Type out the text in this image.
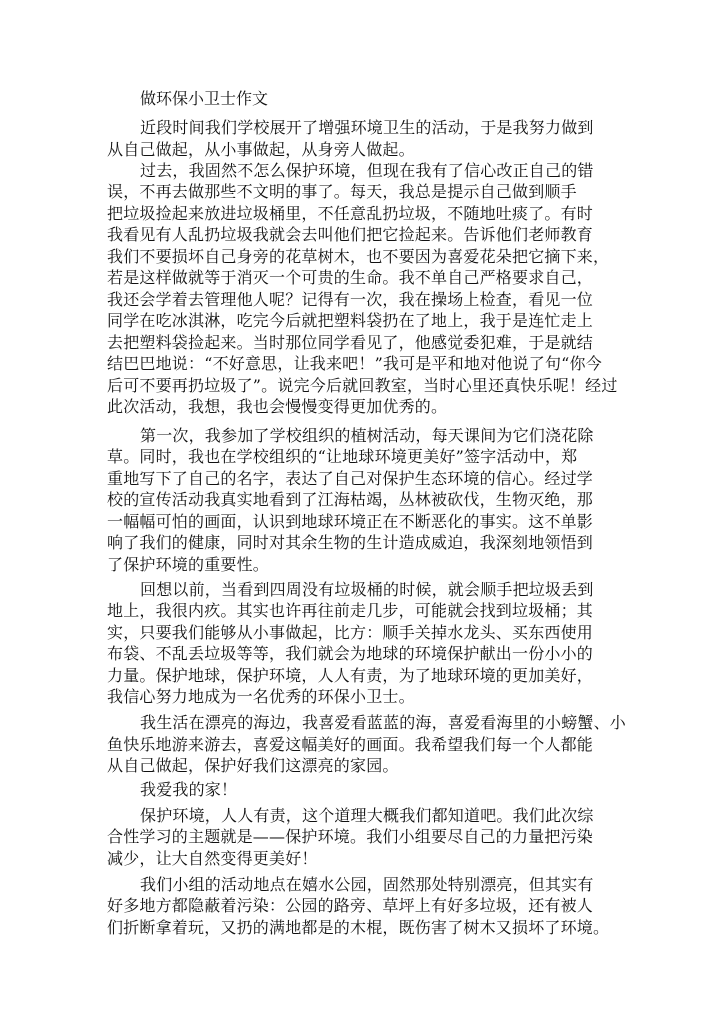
做环保小卫士作文
近段时间我们学校展开了增强环境卫生的活动，于是我努力做到
从自己做起，从小事做起，从身旁人做起。
过去，我固然不怎么保护环境，但现在我有了信心改正自己的错
误，不再去做那些不文明的事了。每天，我总是提示自己做到顺手
把垃圾捡起来放进垃圾桶里，不任意乱扔垃圾，不随地吐痰了。有时
我看见有人乱扔垃圾我就会去叫他们把它捡起来。告诉他们老师教育
我们不要损坏自己身旁的花草树木，也不要因为喜爱花朵把它摘下来，
若是这样做就等于消灭一个可贵的生命。我不单自己严格要求自己，
我还会学着去管理他人呢？记得有一次，我在操场上检查，看见一位
同学在吃冰淇淋，吃完今后就把塑料袋扔在了地上，我于是连忙走上
去把塑料袋捡起来。当时那位同学看见了，他感觉委犯难，于是就结
结巴巴地说：“不好意思，让我来吧！”我可是平和地对他说了句“你今
后可不要再扔垃圾了”。说完今后就回教室，当时心里还真快乐呢！经过
此次活动，我想，我也会慢慢变得更加优秀的。
第一次，我参加了学校组织的植树活动，每天课间为它们浇花除
草。同时，我也在学校组织的“让地球环境更美好”签字活动中，郑
重地写下了自己的名字，表达了自己对保护生态环境的信心。经过学
校的宣传活动我真实地看到了江海枯竭，丛林被砍伐，生物灭绝，那
一幅幅可怕的画面，认识到地球环境正在不断恶化的事实。这不单影
响了我们的健康，同时对其余生物的生计造成威迫，我深刻地领悟到
了保护环境的重要性。
回想以前，当看到四周没有垃圾桶的时候，就会顺手把垃圾丢到
地上，我很内疚。其实也许再往前走几步，可能就会找到垃圾桶；其
实，只要我们能够从小事做起，比方：顺手关掉水龙头、买东西使用
布袋、不乱丢垃圾等等，我们就会为地球的环境保护献出一份小小的
力量。保护地球，保护环境，人人有责，为了地球环境的更加美好，
我信心努力地成为一名优秀的环保小卫士。
我生活在漂亮的海边，我喜爱看蓝蓝的海，喜爱看海里的小螃蟹、小
鱼快乐地游来游去，喜爱这幅美好的画面。我希望我们每一个人都能
从自己做起，保护好我们这漂亮的家园。
我爱我的家！
保护环境，人人有责，这个道理大概我们都知道吧。我们此次综
合性学习的主题就是——保护环境。我们小组要尽自己的力量把污染
减少，让大自然变得更美好！
我们小组的活动地点在嬉水公园，固然那处特别漂亮，但其实有
好多地方都隐蔽着污染：公园的路旁、草坪上有好多垃圾，还有被人
们折断拿着玩，又扔的满地都是的木棍，既伤害了树木又损坏了环境。
